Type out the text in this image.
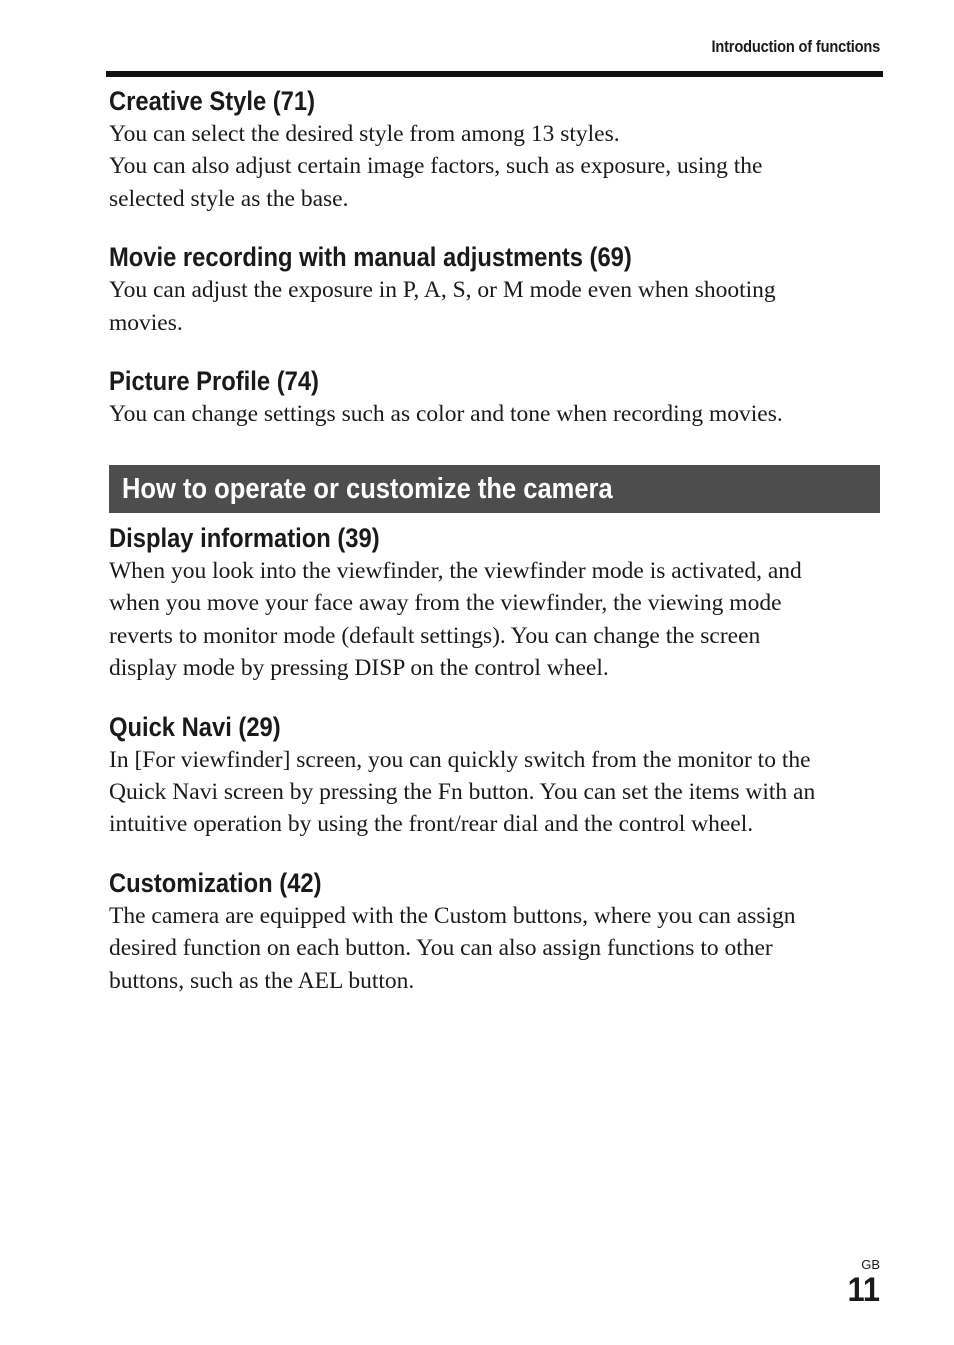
Introduction of functions
Creative Style (71)

You can select the desired style from among 13 styles.
You can also adjust certain image factors, such as exposure, using the
selected style as the base.

Movie recording with manual adjustments (69)

You can adjust the exposure in P, A, S, or M mode even when shooting
movies.

Picture Profile (74)

You can change settings such as color and tone when recording movies.

How to operate or customize the camera
Display information (39)

When you look into the viewfinder, the viewfinder mode is activated, and
when you move your face away from the viewfinder, the viewing mode
reverts to monitor mode (default settings). You can change the screen
display mode by pressing DISP on the control wheel.

Quick Navi (29)

In [For viewfinder] screen, you can quickly switch from the monitor to the
Quick Navi screen by pressing the Fn button. You can set the items with an
intuitive operation by using the front/rear dial and the control wheel.

Customization (42)

The camera are equipped with the Custom buttons, where you can assign
desired function on each button. You can also assign functions to other
buttons, such as the AEL button.

GB
11
